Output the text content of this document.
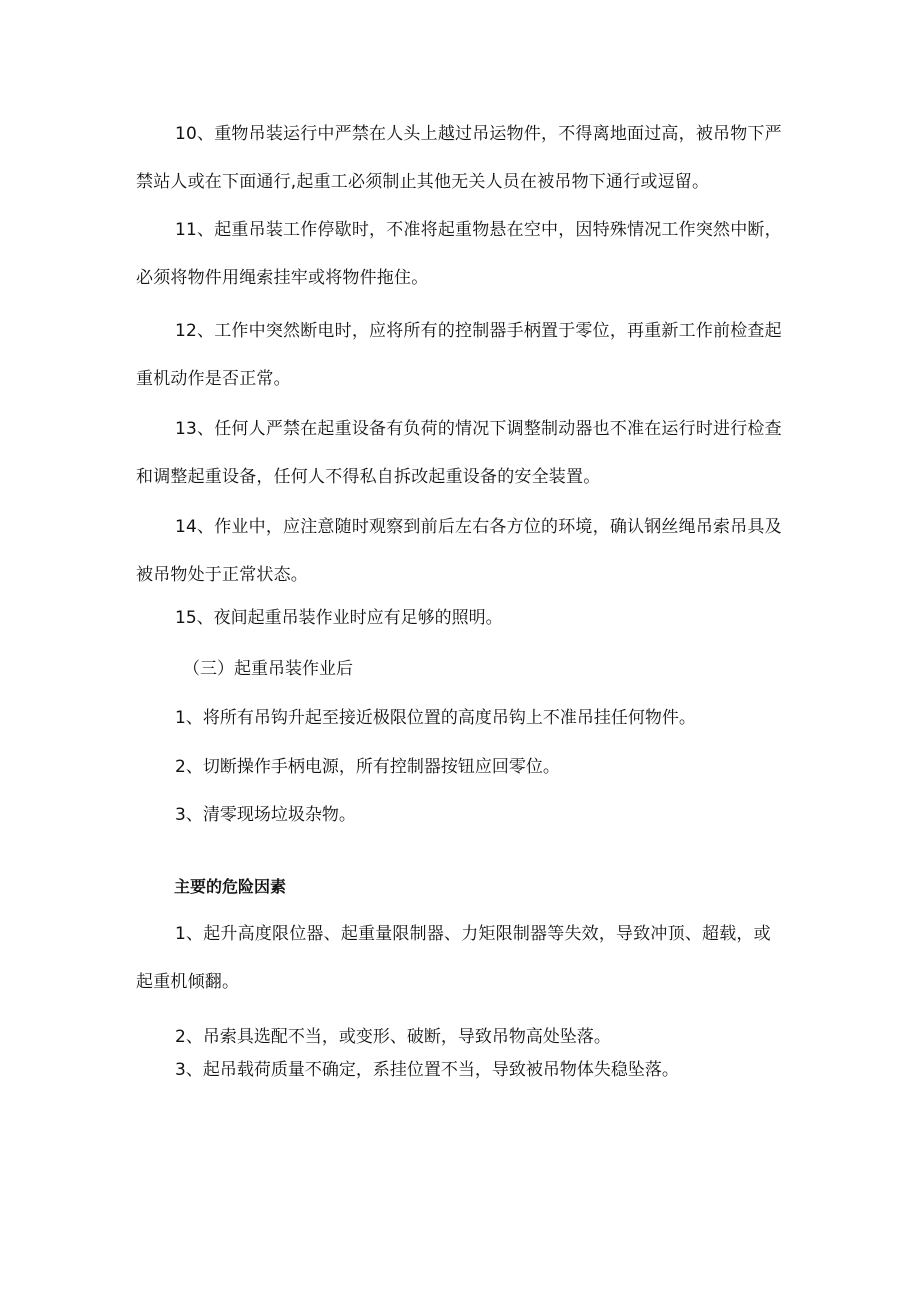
10、重物吊装运行中严禁在人头上越过吊运物件，不得离地面过高，被吊物下严禁站人或在下面通行,起重工必须制止其他无关人员在被吊物下通行或逗留。

11、起重吊装工作停歇时，不准将起重物悬在空中，因特殊情况工作突然中断，必须将物件用绳索挂牢或将物件拖住。

12、工作中突然断电时，应将所有的控制器手柄置于零位，再重新工作前检查起重机动作是否正常。

13、任何人严禁在起重设备有负荷的情况下调整制动器也不准在运行时进行检查和调整起重设备，任何人不得私自拆改起重设备的安全装置。

14、作业中，应注意随时观察到前后左右各方位的环境，确认钢丝绳吊索吊具及被吊物处于正常状态。

15、夜间起重吊装作业时应有足够的照明。

（三）起重吊装作业后

1、将所有吊钩升起至接近极限位置的高度吊钩上不准吊挂任何物件。

2、切断操作手柄电源，所有控制器按钮应回零位。

3、清零现场垃圾杂物。

主要的危险因素

1、起升高度限位器、起重量限制器、力矩限制器等失效，导致冲顶、超载，或起重机倾翻。

2、吊索具选配不当，或变形、破断，导致吊物高处坠落。

3、起吊载荷质量不确定，系挂位置不当，导致被吊物体失稳坠落。
